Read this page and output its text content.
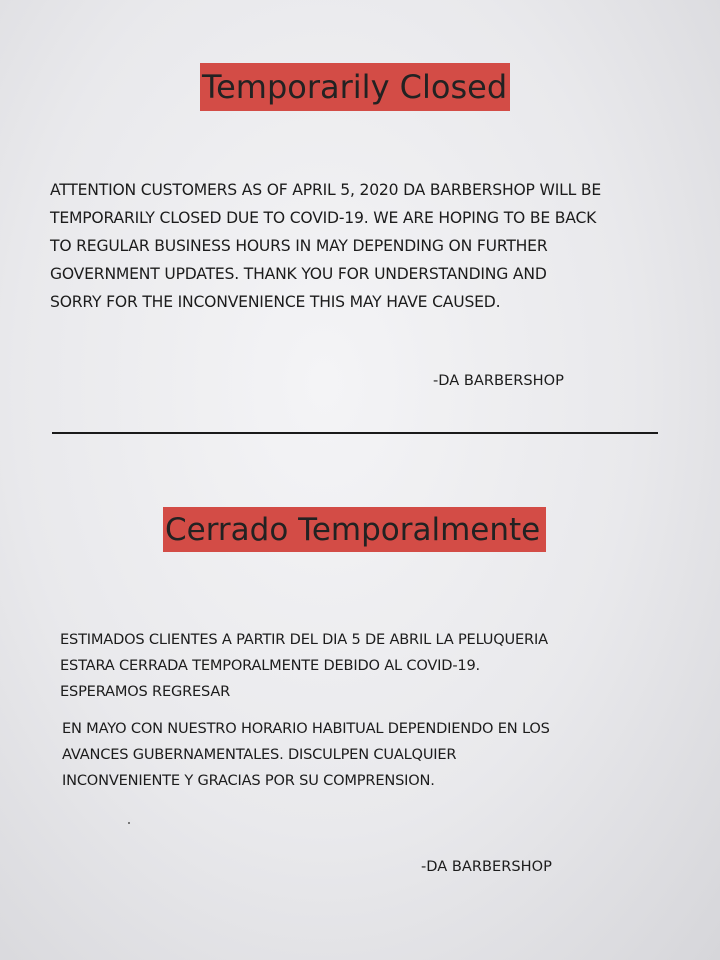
Temporarily Closed
ATTENTION CUSTOMERS AS OF APRIL 5, 2020 DA BARBERSHOP WILL BE
TEMPORARILY CLOSED DUE TO COVID-19. WE ARE HOPING TO BE BACK
TO REGULAR BUSINESS HOURS IN MAY DEPENDING ON FURTHER
GOVERNMENT UPDATES. THANK YOU FOR UNDERSTANDING AND
SORRY FOR THE INCONVENIENCE THIS MAY HAVE CAUSED.
-DA BARBERSHOP
Cerrado Temporalmente
ESTIMADOS CLIENTES A PARTIR DEL DIA 5 DE ABRIL LA PELUQUERIA
ESTARA CERRADA TEMPORALMENTE DEBIDO AL COVID-19.
ESPERAMOS REGRESAR
EN MAYO CON NUESTRO HORARIO HABITUAL DEPENDIENDO EN LOS
AVANCES GUBERNAMENTALES. DISCULPEN CUALQUIER
INCONVENIENTE Y GRACIAS POR SU COMPRENSION.
-DA BARBERSHOP
